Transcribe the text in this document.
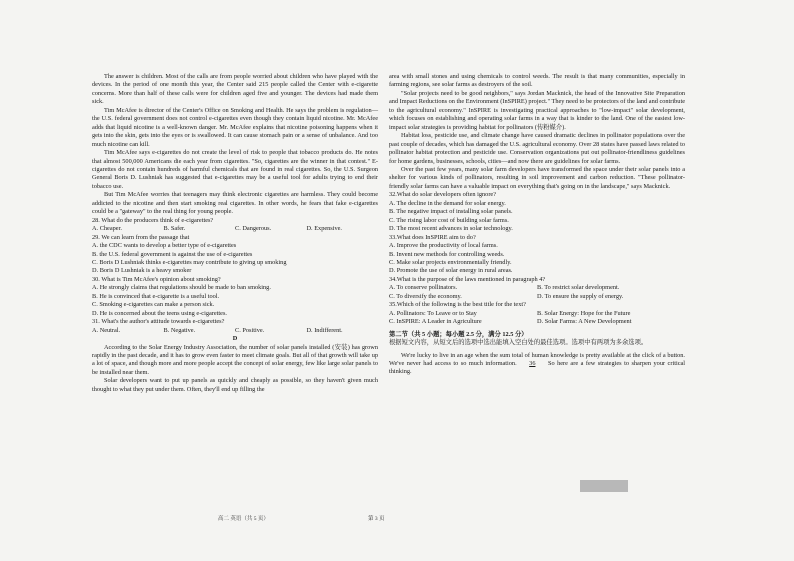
The answer is children. Most of the calls are from people worried about children who have played with the devices. In the period of one month this year, the Center said 215 people called the Center with e-cigarette concerns. More than half of these calls were for children aged five and younger. The devices had made them sick.

Tim McAfee is director of the Center's Office on Smoking and Health. He says the problem is regulation— the U.S. federal government does not control e-cigarettes even though they contain liquid nicotine. Mr. McAfee adds that liquid nicotine is a well-known danger. Mr. McAfee explains that nicotine poisoning happens when it gets into the skin, gets into the eyes or is swallowed. It can cause stomach pain or a sense of unbalance. And too much nicotine can kill.

Tim McAfee says e-cigarettes do not create the level of risk to people that tobacco products do. He notes that almost 500,000 Americans die each year from cigarettes. "So, cigarettes are the winner in that contest." E-cigarettes do not contain hundreds of harmful chemicals that are found in real cigarettes. So, the U.S. Surgeon General Boris D. Lushniak has suggested that e-cigarettes may be a useful tool for adults trying to end their tobacco use.

But Tim McAfee worries that teenagers may think electronic cigarettes are harmless. They could become addicted to the nicotine and then start smoking real cigarettes. In other words, he fears that fake e-cigarettes could be a "gateway" to the real thing for young people.

28. What do the producers think of e-cigarettes?

A. Cheaper.	B. Safer.	C. Dangerous.	D. Expensive.

29. We can learn from the passage that

A. the CDC wants to develop a better type of e-cigarettes

B. the U.S. federal government is against the use of e-cigarettes

C. Boris D Lushniak thinks e-cigarettes may contribute to giving up smoking

D. Boris D Lushniak is a heavy smoker

30. What is Tim McAfee's opinion about smoking?

A. He strongly claims that regulations should be made to ban smoking.

B. He is convinced that e-cigarette is a useful tool.

C. Smoking e-cigarettes can make a person sick.

D. He is concerned about the teens using e-cigarettes.

31. What's the author's attitude towards e-cigarettes?

A. Neutral.	B. Negative.	C. Positive.	D. Indifferent.

D

According to the Solar Energy Industry Association, the number of solar panels installed (安装) has grown rapidly in the past decade, and it has to grow even faster to meet climate goals. But all of that growth will take up a lot of space, and though more and more people accept the concept of solar energy, few like large solar panels to be installed near them.

Solar developers want to put up panels as quickly and cheaply as possible, so they haven't given much thought to what they put under them. Often, they'll end up filling the

area with small stones and using chemicals to control weeds. The result is that many communities, especially in farming regions, see solar farms as destroyers of the soil.

"Solar projects need to be good neighbors," says Jordan Macknick, the head of the Innovative Site Preparation and Impact Reductions on the Environment (InSPIRE) project." They need to be protectors of the land and contribute to the agricultural economy." InSPIRE is investigating practical approaches to "low-impact" solar development, which focuses on establishing and operating solar farms in a way that is kinder to the land. One of the easiest low-impact solar strategies is providing habitat for pollinators (传粉媒介).

Habitat loss, pesticide use, and climate change have caused dramatic declines in pollinator populations over the past couple of decades, which has damaged the U.S. agricultural economy. Over 28 states have passed laws related to pollinator habitat protection and pesticide use. Conservation organizations put out pollinator-friendliness guidelines for home gardens, businesses, schools, cities—and now there are guidelines for solar farms.

Over the past few years, many solar farm developers have transformed the space under their solar panels into a shelter for various kinds of pollinators, resulting in soil improvement and carbon reduction. "These pollinator-friendly solar farms can have a valuable impact on everything that's going on in the landscape," says Macknick.

32.What do solar developers often ignore?

A. The decline in the demand for solar energy.

B. The negative impact of installing solar panels.

C. The rising labor cost of building solar farms.

D. The most recent advances in solar technology.

33.What does InSPIRE aim to do?

A. Improve the productivity of local farms.

B. Invent new methods for controlling weeds.

C. Make solar projects environmentally friendly.

D. Promote the use of solar energy in rural areas.

34.What is the purpose of the laws mentioned in paragraph 4?

A. To conserve pollinators.	B. To restrict solar development.
C. To diversify the economy.	D. To ensure the supply of energy.

35.Which of the following is the best title for the text?

A. Pollinators: To Leave or to Stay	B. Solar Energy: Hope for the Future
C. InSPIRE: A Leader in Agriculture	D. Solar Farms: A New Development

第二节（共 5 小题；每小题 2.5 分，满分 12.5 分）

根据短文内容，从短文后的选项中选出能填入空白处的最佳选项。选项中有两项为多余选项。

We're lucky to live in an age when the sum total of human knowledge is pretty available at the click of a button. We've never had access to so much information. 36 So here are a few strategies to sharpen your critical thinking.

高二 英语（共 5 页）	第 3 页
